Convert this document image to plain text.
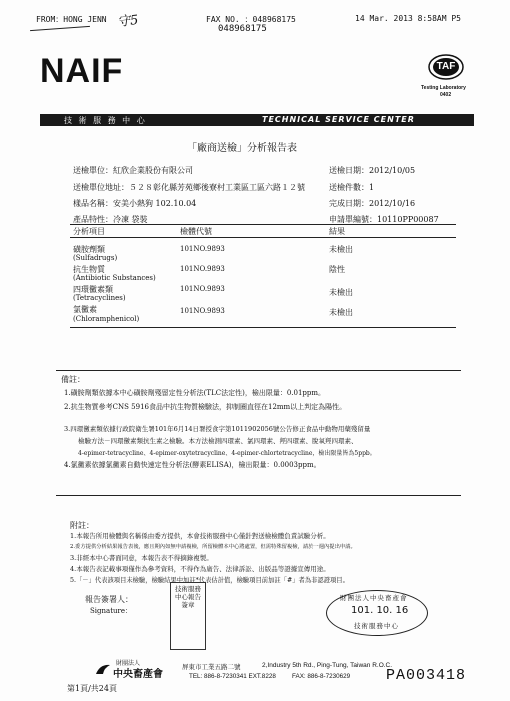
FROM：HONG JENN 守5	FAX NO. ：048968175
048968175
14 Mar. 2013 8:58AM P5
NAIF	TAF
Testing Laboratory
0402
技 術 服 務 中 心	TECHNICAL SERVICE CENTER
「廠商送檢」分析報告表
送檢單位：紅欣企業股份有限公司
送檢單位地址：５２８彰化縣芳苑鄉後寮村工業區工區六路１２號
樣品名稱：安美小熱狗 102.10.04
產品特性：冷凍 袋裝
送檢日期：2012/10/05
送檢件數：1
完成日期：2012/10/16
申請單編號：10110PP00087
分析項目	檢體代號	結果
磺胺劑類
(Sulfadrugs)
101NO.9893	未檢出
抗生物質
(Antibiotic Substances)
101NO.9893	陰性
四環黴素類
(Tetracyclines)
101NO.9893	未檢出
氯黴素
(Chloramphenicol)
101NO.9893	未檢出
備註：
1.磺胺劑類依據本中心磺胺劑殘留定性分析法(TLC法定性)，檢出限量：0.01ppm。
2.抗生物質參考CNS 5916食品中抗生物質檢驗法，抑制圈直徑在12mm以上判定為陽性。
3.四環黴素類依據行政院衛生署101年6月14日署授食字第1011902056號公告修正食品中動物用藥殘留量
檢驗方法－四環黴素類抗生素之檢驗。本方法檢測四環素、氯四環素、羥四環素、脫氧羥四環素、
4-epimer-tetracycline、4-epimer-oxytetracycline、4-epimer-chlortetracycline，檢出限量皆為5ppb。
4.氯黴素依據氯黴素自動快速定性分析法(酵素ELISA)，檢出限量：0.0003ppm。
附註：
1.本報告所用檢體與名稱係由委方提供，本會技術服務中心僅針對送檢檢體負責試驗分析。
2.委方提供分析結果報告表後，應且期內如無申請複檢，所留檢體本中心將處置，但需特殊留複檢，請於一週內提出申請。
3.非經本中心書面同意，本報告表不得摘錄複製。
4.本報告表記載事項僅作為參考資料，不得作為廣告、法律訴訟、出版品等證據宣傳用途。
5.「－」代表該項目未檢驗，檢驗結果中加註*代表估計值，檢驗項目前加註「#」者為非認證項目。
報告簽署人：
Signature：
技術服務中心報告簽章
財團法人中央畜產會
101. 10. 16
技術服務中心
財團法人
中央畜產會
屏東市工業五路二號	2,Industry 5th Rd., Ping-Tung, Taiwan R.O.C.
TEL: 886-8-7230341 EXT.8228	FAX: 886-8-7230629
第1頁/共24頁
PA003418
